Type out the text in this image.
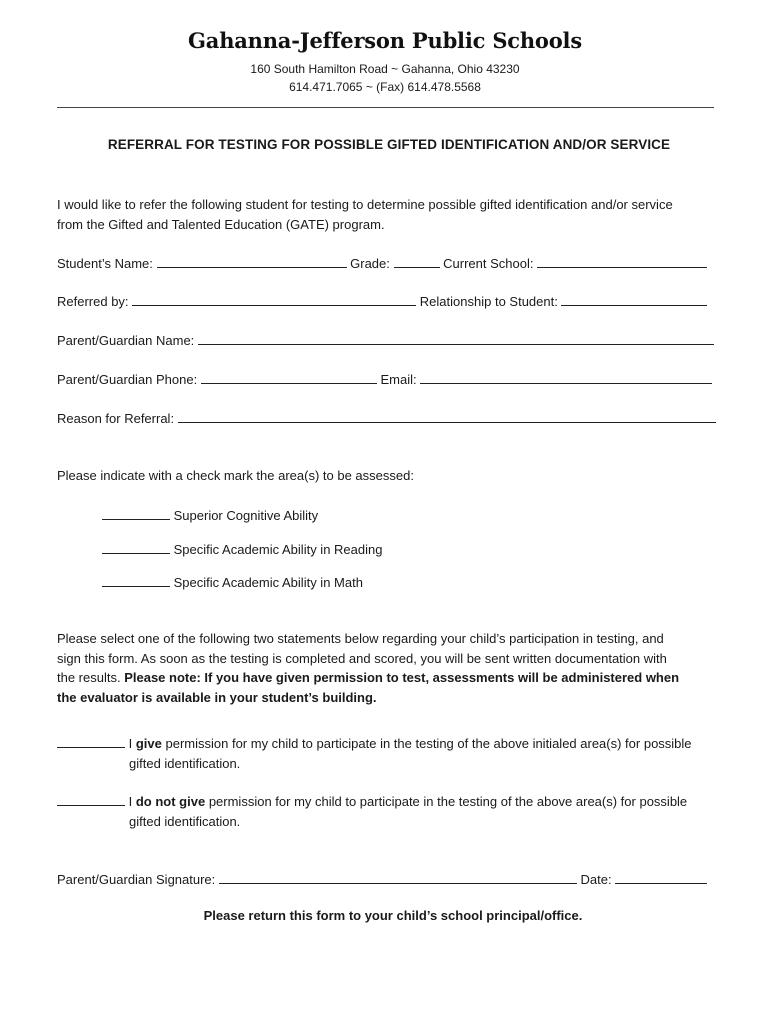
Gahanna-Jefferson Public Schools
160 South Hamilton Road ~ Gahanna, Ohio 43230
614.471.7065 ~ (Fax) 614.478.5568
REFERRAL FOR TESTING FOR POSSIBLE GIFTED IDENTIFICATION AND/OR SERVICE
I would like to refer the following student for testing to determine possible gifted identification and/or service
from the Gifted and Talented Education (GATE) program.
Student’s Name:	Grade:	Current School:
Referred by:	Relationship to Student:
Parent/Guardian Name:
Parent/Guardian Phone:	Email:
Reason for Referral:
Please indicate with a check mark the area(s) to be assessed:
Superior Cognitive Ability
Specific Academic Ability in Reading
Specific Academic Ability in Math
Please select one of the following two statements below regarding your child’s participation in testing, and
sign this form. As soon as the testing is completed and scored, you will be sent written documentation with
the results. Please note: If you have given permission to test, assessments will be administered when
the evaluator is available in your student’s building.
I give permission for my child to participate in the testing of the above initialed area(s) for possible
gifted identification.
I do not give permission for my child to participate in the testing of the above area(s) for possible
gifted identification.
Parent/Guardian Signature:	Date:
Please return this form to your child’s school principal/office.
